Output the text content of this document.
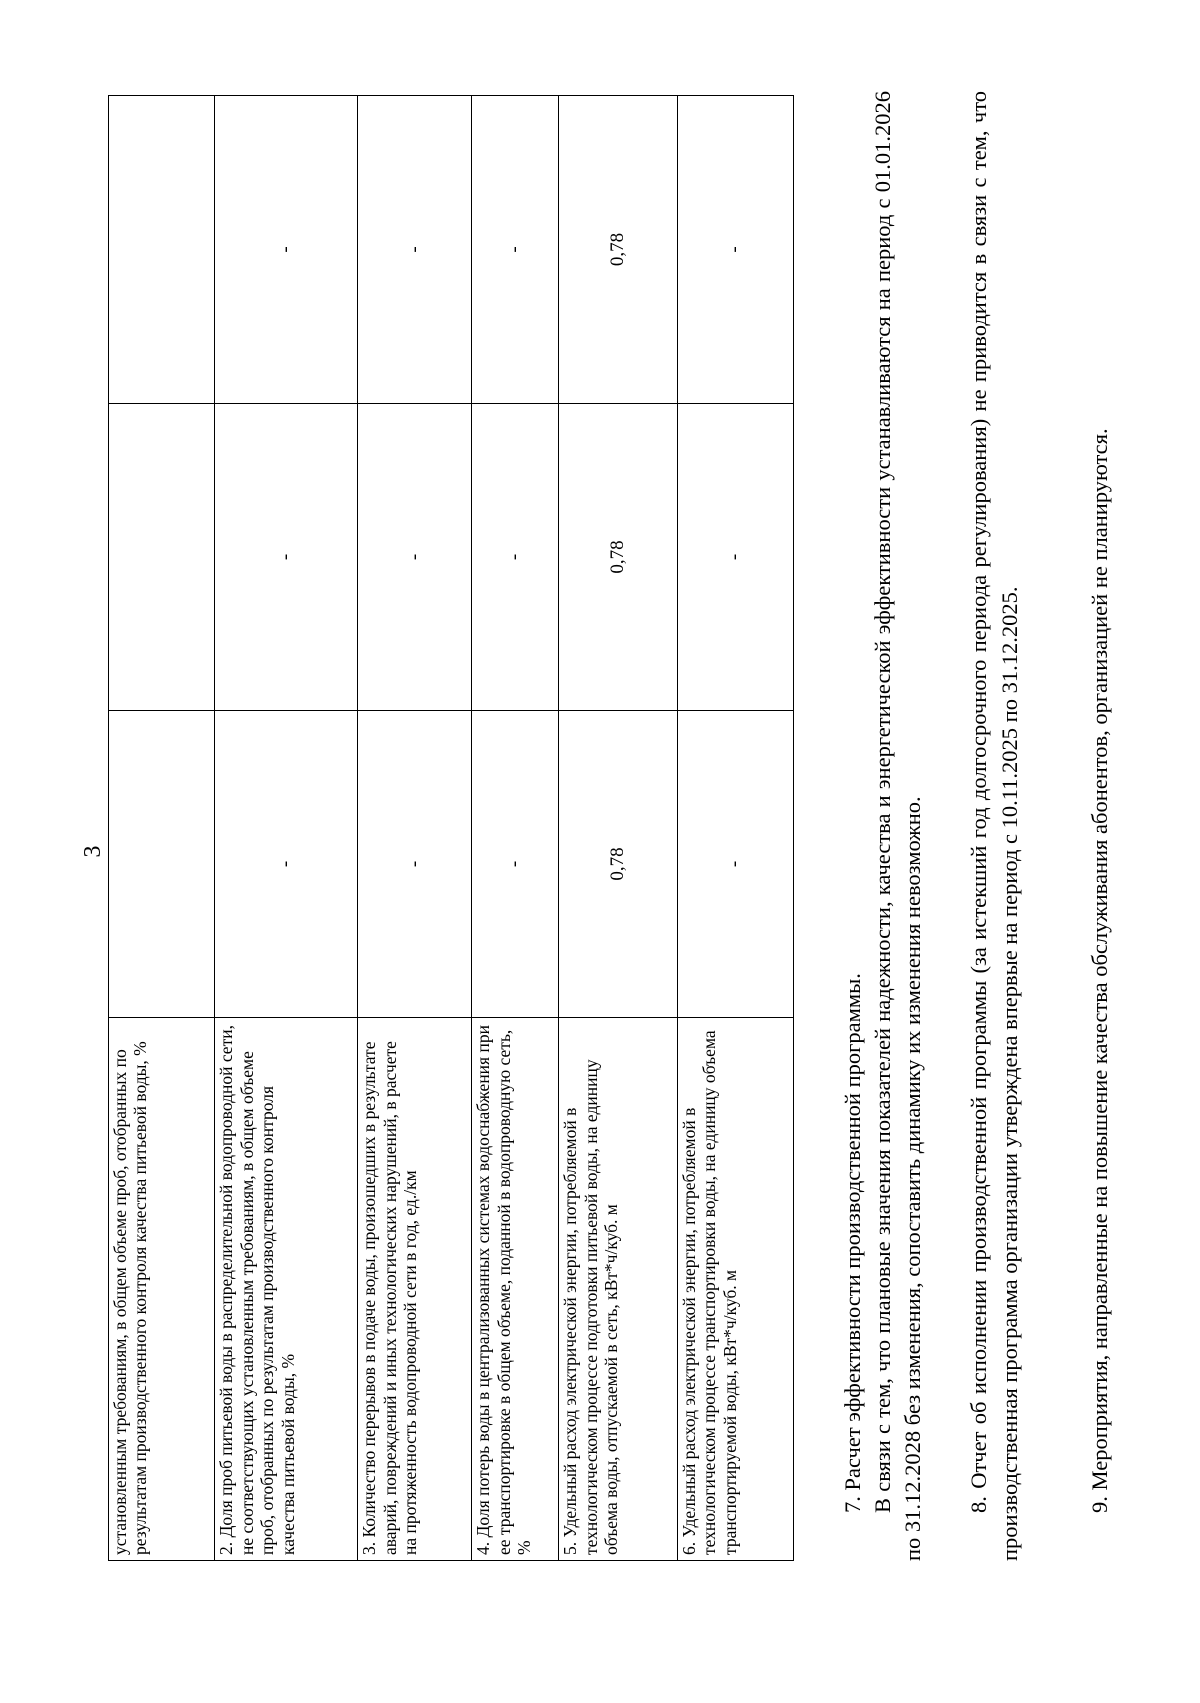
3
установленным требованиям, в общем объеме проб, отобранных по результатам производственного контроля качества питьевой воды, %			
2. Доля проб питьевой воды в распределительной водопроводной сети, не соответствующих установленным требованиям, в общем объеме проб, отобранных по результатам производственного контроля качества питьевой воды, %	-	-	-
3. Количество перерывов в подаче воды, произошедших в результате аварий, повреждений и иных технологических нарушений, в расчете на протяженность водопроводной сети в год, ед./км	-	-	-
4. Доля потерь воды в централизованных системах водоснабжения при ее транспортировке в общем объеме, поданной в водопроводную сеть, %	-	-	-
5. Удельный расход электрической энергии, потребляемой в технологическом процессе подготовки питьевой воды, на единицу объема воды, отпускаемой в сеть, кВт*ч/куб. м	0,78	0,78	0,78
6. Удельный расход электрической энергии, потребляемой в технологическом процессе транспортировки воды, на единицу объема транспортируемой воды, кВт*ч/куб. м	-	-	-

7. Расчет эффективности производственной программы. В связи с тем, что плановые значения показателей надежности, качества и энергетической эффективности устанавливаются на период с 01.01.2026 по 31.12.2028 без изменения, сопоставить динамику их изменения невозможно. 8. Отчет об исполнении производственной программы (за истекший год долгосрочного периода регулирования) не приводится в связи с тем, что производственная программа организации утверждена впервые на период с 10.11.2025 по 31.12.2025.	9. Мероприятия, направленные на повышение качества обслуживания абонентов, организацией не планируются.
